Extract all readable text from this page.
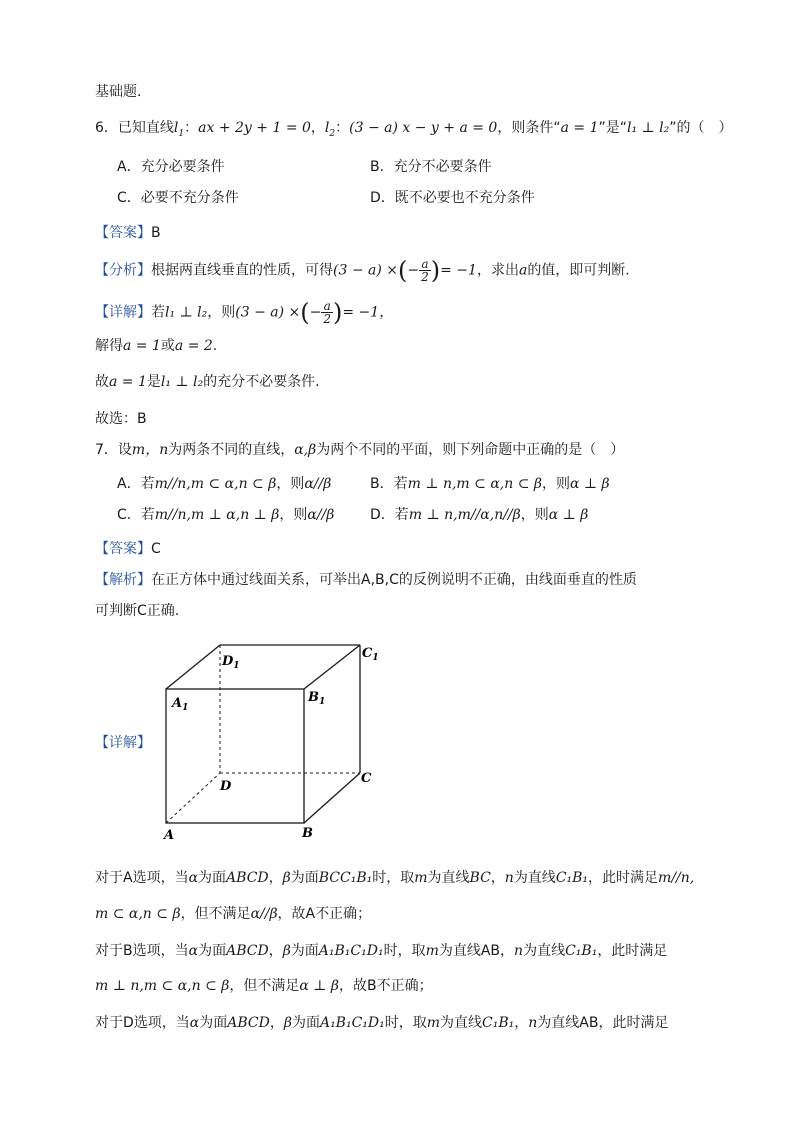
基础题．
6．已知直线$l_1$：ax + 2y + 1 = 0，$l_2$：(3 − a) x − y + a = 0，则条件“a = 1”是“l₁ ⊥ l₂”的（　）
A．充分必要条件	B．充分不必要条件
C．必要不充分条件	D．既不必要也不充分条件
【答案】B
【分析】根据两直线垂直的性质，可得(3 − a) ×(− $\frac{a}{2}$ )= −1，求出a的值，即可判断.
【详解】若l₁ ⊥ l₂，则(3 − a) ×(− $\frac{a}{2}$ )= −1，
解得a = 1或a = 2.
故a = 1是l₁ ⊥ l₂的充分不必要条件.
故选：B
7．设m，n为两条不同的直线，α,β为两个不同的平面，则下列命题中正确的是（　）
A．若m//n,m ⊂ α,n ⊂ β，则α//β	B．若m ⊥ n,m ⊂ α,n ⊂ β，则α ⊥ β
C．若m//n,m ⊥ α,n ⊥ β，则α//β	D．若m ⊥ n,m//α,n//β，则α ⊥ β
【答案】C
【解析】在正方体中通过线面关系，可举出A,B,C的反例说明不正确，由线面垂直的性质
可判断C正确.
【详解】
$D_1$
$C_1$
$A_1$
$B_1$
D
C
A	B
对于A选项，当α为面ABCD，β为面BCC₁B₁时，取m为直线BC，n为直线C₁B₁，此时满足m//n,
m ⊂ α,n ⊂ β，但不满足α//β，故A不正确；
对于B选项，当α为面ABCD，β为面A₁B₁C₁D₁时，取m为直线AB，n为直线C₁B₁，此时满足
m ⊥ n,m ⊂ α,n ⊂ β，但不满足α ⊥ β，故B不正确；
对于D选项，当α为面ABCD，β为面A₁B₁C₁D₁时，取m为直线C₁B₁，n为直线AB，此时满足
